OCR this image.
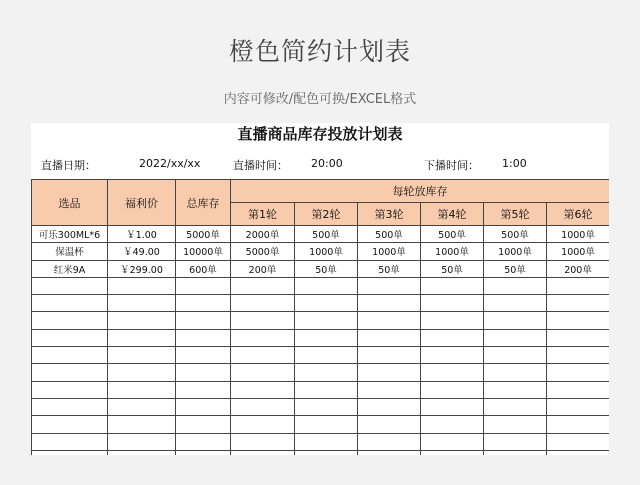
橙色简约计划表
内容可修改/配色可换/EXCEL格式
直播商品库存投放计划表
直播日期：	2022/xx/xx	直播时间： 20:00	下播时间： 1:00
选品	福利价	总库存	每轮放库存					
			第1轮	第2轮	第3轮	第4轮	第5轮	第6轮
可乐300ML*6	￥1.00	5000单	2000单	500单	500单	500单	500单	1000单
保温杯	￥49.00	10000单	5000单	1000单	1000单	1000单	1000单	1000单
红米9A	￥299.00	600单	200单	50单	50单	50单	50单	200单
